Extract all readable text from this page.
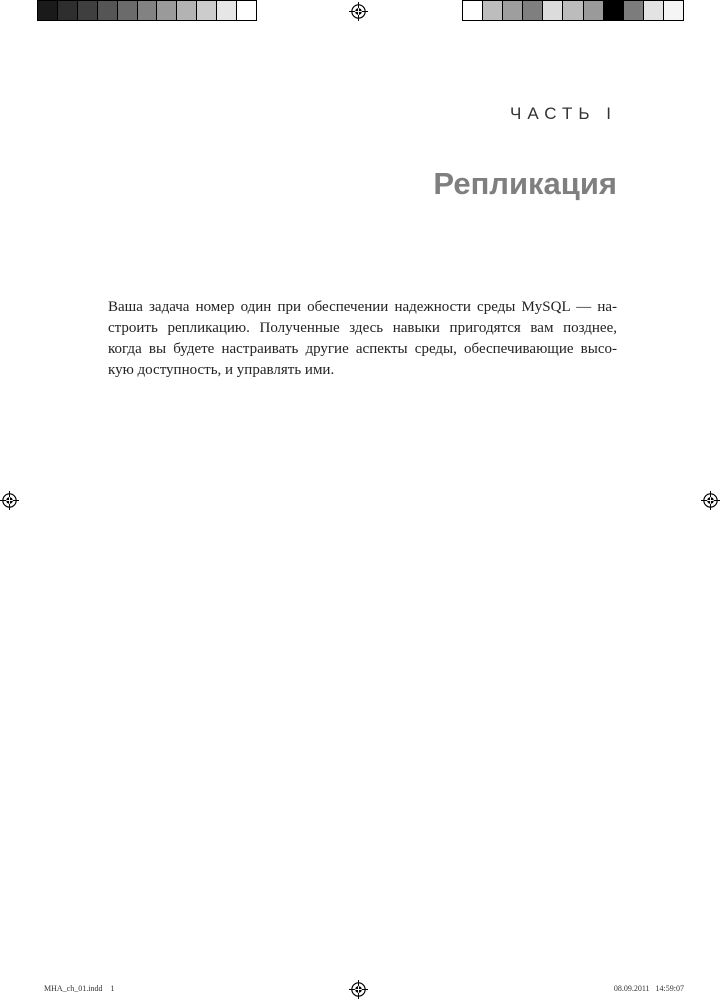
ЧАСТЬ I
Репликация

Ваша задача номер один при обеспечении надежности среды MySQL — на-
строить репликацию. Полученные здесь навыки пригодятся вам позднее,
когда вы будете настраивать другие аспекты среды, обеспечивающие высо-
кую доступность, и управлять ими.

MHA_ch_01.indd 1	08.09.2011 14:59:07
